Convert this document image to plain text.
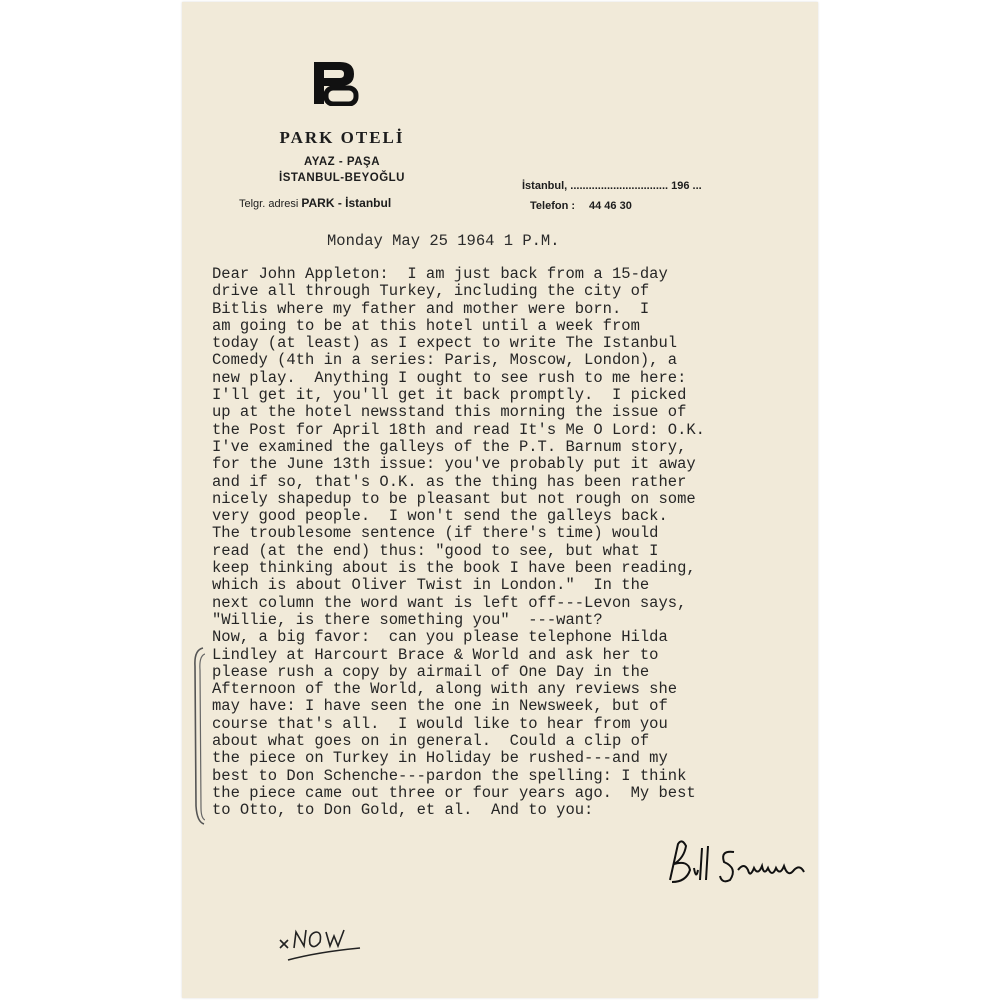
PARK OTELİ
AYAZ - PAŞA
İSTANBUL-BEYOĞLU
Telgr. adresi PARK - İstanbul
İstanbul, ................................ 196 ...
Telefon : 44 46 30
Monday May 25 1964 1 P.M.
Dear John Appleton:  I am just back from a 15-day
drive all through Turkey, including the city of
Bitlis where my father and mother were born.  I
am going to be at this hotel until a week from
today (at least) as I expect to write The Istanbul
Comedy (4th in a series: Paris, Moscow, London), a
new play.  Anything I ought to see rush to me here:
I'll get it, you'll get it back promptly.  I picked
up at the hotel newsstand this morning the issue of
the Post for April 18th and read It's Me O Lord: O.K.
I've examined the galleys of the P.T. Barnum story,
for the June 13th issue: you've probably put it away
and if so, that's O.K. as the thing has been rather
nicely shapedup to be pleasant but not rough on some
very good people.  I won't send the galleys back.
The troublesome sentence (if there's time) would
read (at the end) thus: "good to see, but what I
keep thinking about is the book I have been reading,
which is about Oliver Twist in London."  In the
next column the word want is left off---Levon says,
"Willie, is there something you"  ---want?
Now, a big favor:  can you please telephone Hilda
Lindley at Harcourt Brace & World and ask her to
please rush a copy by airmail of One Day in the
Afternoon of the World, along with any reviews she
may have: I have seen the one in Newsweek, but of
course that's all.  I would like to hear from you
about what goes on in general.  Could a clip of
the piece on Turkey in Holiday be rushed---and my
best to Don Schenche---pardon the spelling: I think
the piece came out three or four years ago.  My best
to Otto, to Don Gold, et al.  And to you:
